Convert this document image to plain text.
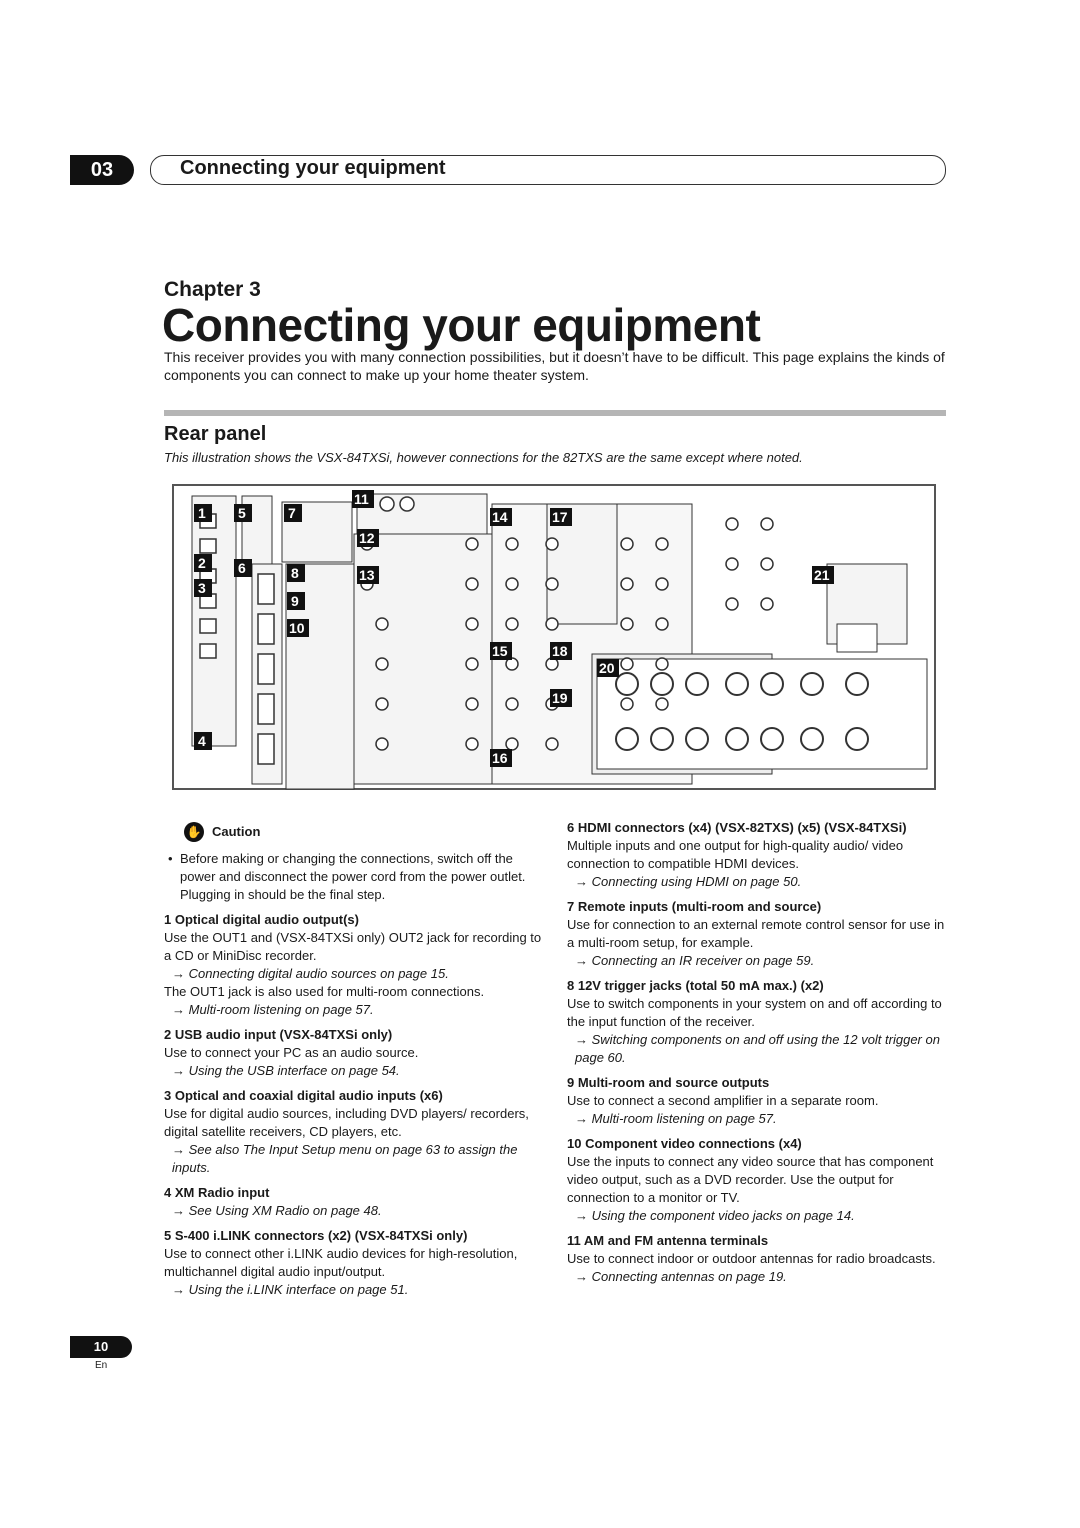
03	Connecting your equipment
Chapter 3
Connecting your equipment
This receiver provides you with many connection possibilities, but it doesn’t have to be difficult. This page explains the kinds of components you can connect to make up your home theater system.
Rear panel
This illustration shows the VSX-84TXSi, however connections for the 82TXS are the same except where noted.
1
2
3
4
5
6
7
8
9
10
11
12
13
14
15
16
17
18
19
20
21
✋ Caution
• Before making or changing the connections, switch off the power and disconnect the power cord from the power outlet. Plugging in should be the final step.
1 Optical digital audio output(s)
Use the OUT1 and (VSX-84TXSi only) OUT2 jack for recording to a CD or MiniDisc recorder.
→ Connecting digital audio sources on page 15.
The OUT1 jack is also used for multi-room connections.
→ Multi-room listening on page 57.
2 USB audio input (VSX-84TXSi only)
Use to connect your PC as an audio source.
→ Using the USB interface on page 54.
3 Optical and coaxial digital audio inputs (x6)
Use for digital audio sources, including DVD players/ recorders, digital satellite receivers, CD players, etc.
→ See also The Input Setup menu on page 63 to assign the inputs.
4 XM Radio input
→ See Using XM Radio on page 48.
5 S-400 i.LINK connectors (x2) (VSX-84TXSi only)
Use to connect other i.LINK audio devices for high-resolution, multichannel digital audio input/output.
→ Using the i.LINK interface on page 51.
6 HDMI connectors (x4) (VSX-82TXS) (x5) (VSX-84TXSi)
Multiple inputs and one output for high-quality audio/ video connection to compatible HDMI devices.
→ Connecting using HDMI on page 50.
7 Remote inputs (multi-room and source)
Use for connection to an external remote control sensor for use in a multi-room setup, for example.
→ Connecting an IR receiver on page 59.
8 12V trigger jacks (total 50 mA max.) (x2)
Use to switch components in your system on and off according to the input function of the receiver.
→ Switching components on and off using the 12 volt trigger on page 60.
9 Multi-room and source outputs
Use to connect a second amplifier in a separate room.
→ Multi-room listening on page 57.
10 Component video connections (x4)
Use the inputs to connect any video source that has component video output, such as a DVD recorder. Use the output for connection to a monitor or TV.
→ Using the component video jacks on page 14.
11 AM and FM antenna terminals
Use to connect indoor or outdoor antennas for radio broadcasts.
→ Connecting antennas on page 19.
10
En
